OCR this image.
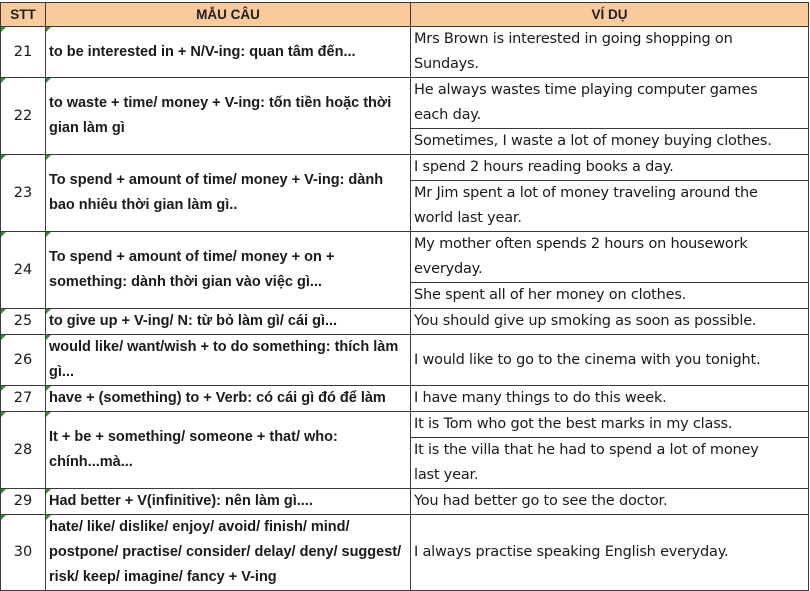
STT	MẪU CÂU	VÍ DỤ
21	to be interested in + N/V-ing: quan tâm đến...	Mrs Brown is interested in going shopping on
Sundays.

22	to waste + time/ money + V-ing: tốn tiền hoặc thời gian làm gì	He always wastes time playing computer games
each day.

		Sometimes, I waste a lot of money buying clothes.

23	To spend + amount of time/ money + V-ing: dành bao nhiêu thời gian làm gì..	I spend 2 hours reading books a day.

		Mr Jim spent a lot of money traveling around the
world last year.

24	To spend + amount of time/ money + on + something: dành thời gian vào việc gì...	My mother often spends 2 hours on housework
everyday.

		She spent all of her money on clothes.

25	to give up + V-ing/ N: từ bỏ làm gì/ cái gì...	You should give up smoking as soon as possible.

26	would like/ want/wish + to do something: thích làm gì...	I would like to go to the cinema with you tonight.

27	have + (something) to + Verb: có cái gì đó để làm	I have many things to do this week.

28	It + be + something/ someone + that/ who: chính...mà...	It is Tom who got the best marks in my class.

		It is the villa that he had to spend a lot of money
last year.

29	Had better + V(infinitive): nên làm gì....	You had better go to see the doctor.

30	hate/ like/ dislike/ enjoy/ avoid/ finish/ mind/ postpone/ practise/ consider/ delay/ deny/ suggest/ risk/ keep/ imagine/ fancy + V-ing	I always practise speaking English everyday.
